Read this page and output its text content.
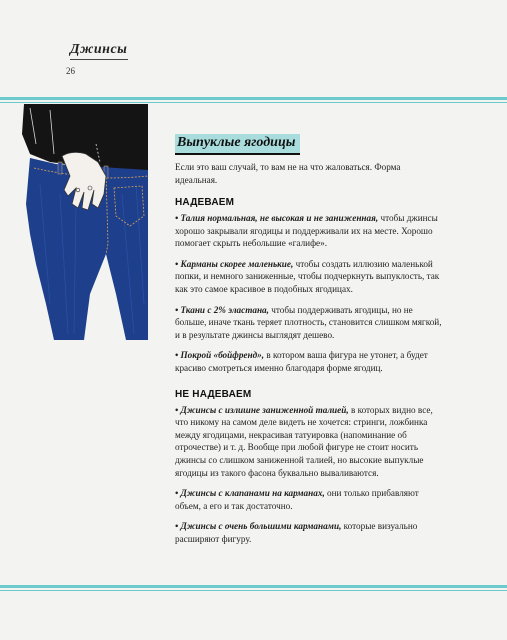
Джинсы
26
Выпуклые ягодицы

Если это ваш случай, то вам не на что жаловаться. Форма идеальная.

НАДЕВАЕМ

• Талия нормальная, не высокая и не заниженная, чтобы джинсы хорошо закрывали ягодицы и поддерживали их на месте. Хорошо помогает скрыть небольшие «галифе».

• Карманы скорее маленькие, чтобы создать иллюзию маленькой попки, и немного заниженные, чтобы подчеркнуть выпуклость, так как это самое красивое в подобных ягодицах.

• Ткани с 2% эластана, чтобы поддерживать ягодицы, но не больше, иначе ткань теряет плотность, становится слишком мягкой, и в результате джинсы выглядят дешево.

• Покрой «бойфренд», в котором ваша фигура не утонет, а будет красиво смотреться именно благодаря форме ягодиц.

НЕ НАДЕВАЕМ

• Джинсы с излишне заниженной талией, в которых видно все, что никому на самом деле видеть не хочется: стринги, ложбинка между ягодицами, некрасивая татуировка (напоминание об отрочестве) и т. д. Вообще при любой фигуре не стоит носить джинсы со слишком заниженной талией, но высокие выпуклые ягодицы из такого фасона буквально вываливаются.

• Джинсы с клапанами на карманах, они только прибавляют объем, а его и так достаточно.

• Джинсы с очень большими карманами, которые визуально расширяют фигуру.
